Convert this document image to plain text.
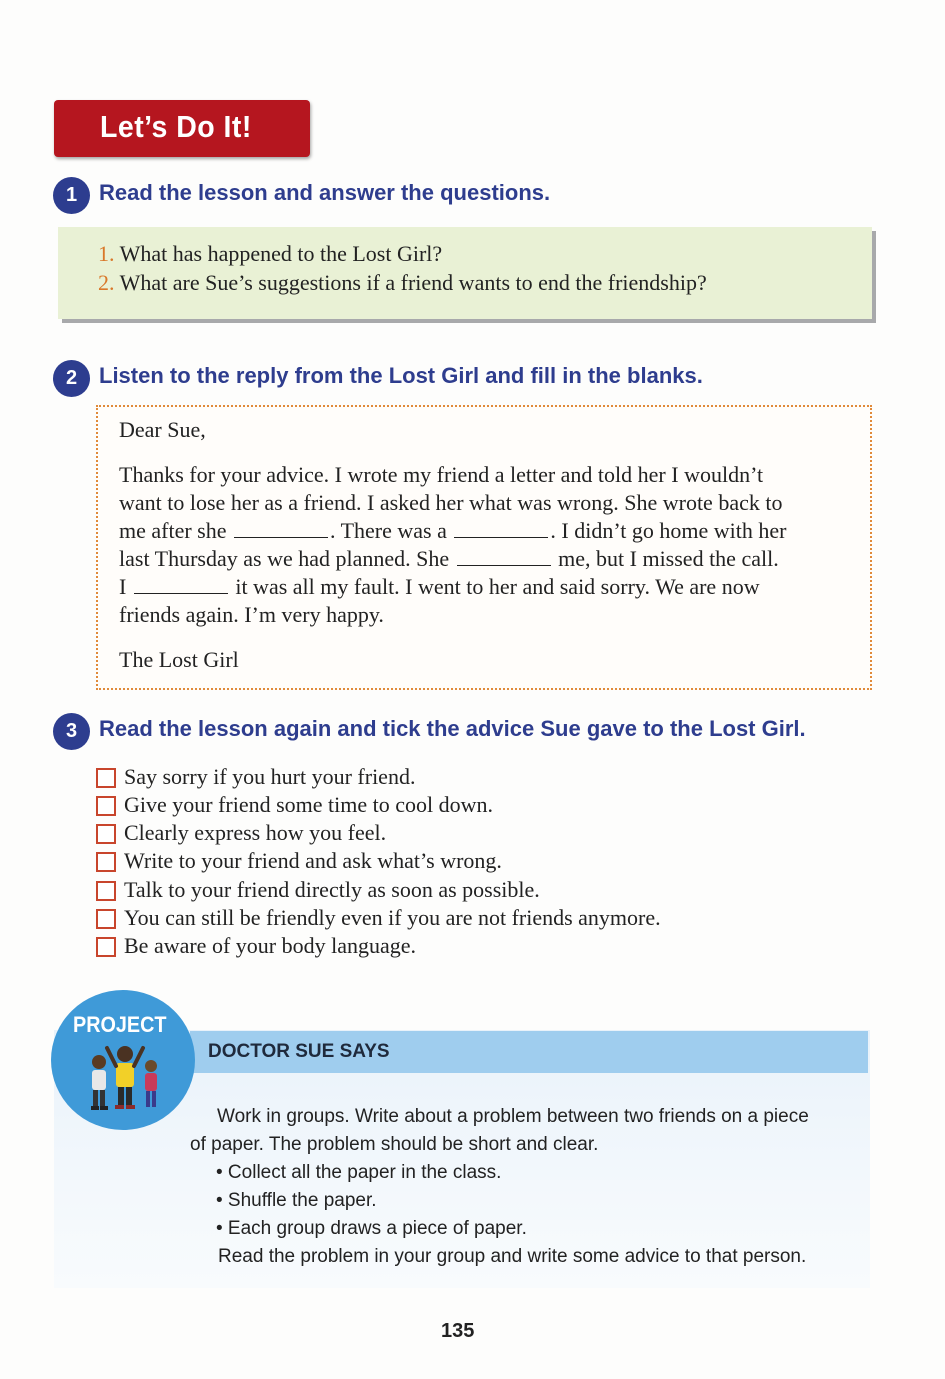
Let’s Do It!
1 Read the lesson and answer the questions.
1. What has happened to the Lost Girl?
2. What are Sue’s suggestions if a friend wants to end the friendship?
2 Listen to the reply from the Lost Girl and fill in the blanks.
Dear Sue,
Thanks for your advice. I wrote my friend a letter and told her I wouldn’t
want to lose her as a friend. I asked her what was wrong. She wrote back to
me after she	. There was a	. I didn’t go home with her
last Thursday as we had planned. She	me, but I missed the call.
I	it was all my fault. I went to her and said sorry. We are now
friends again. I’m very happy.
The Lost Girl
3 Read the lesson again and tick the advice Sue gave to the Lost Girl.
Say sorry if you hurt your friend.
Give your friend some time to cool down.
Clearly express how you feel.
Write to your friend and ask what’s wrong.
Talk to your friend directly as soon as possible.
You can still be friendly even if you are not friends anymore.
Be aware of your body language.
DOCTOR SUE SAYS
PROJECT
Work in groups. Write about a problem between two friends on a piece
of paper. The problem should be short and clear.
• Collect all the paper in the class.
• Shuffle the paper.
• Each group draws a piece of paper.
Read the problem in your group and write some advice to that person.
135
